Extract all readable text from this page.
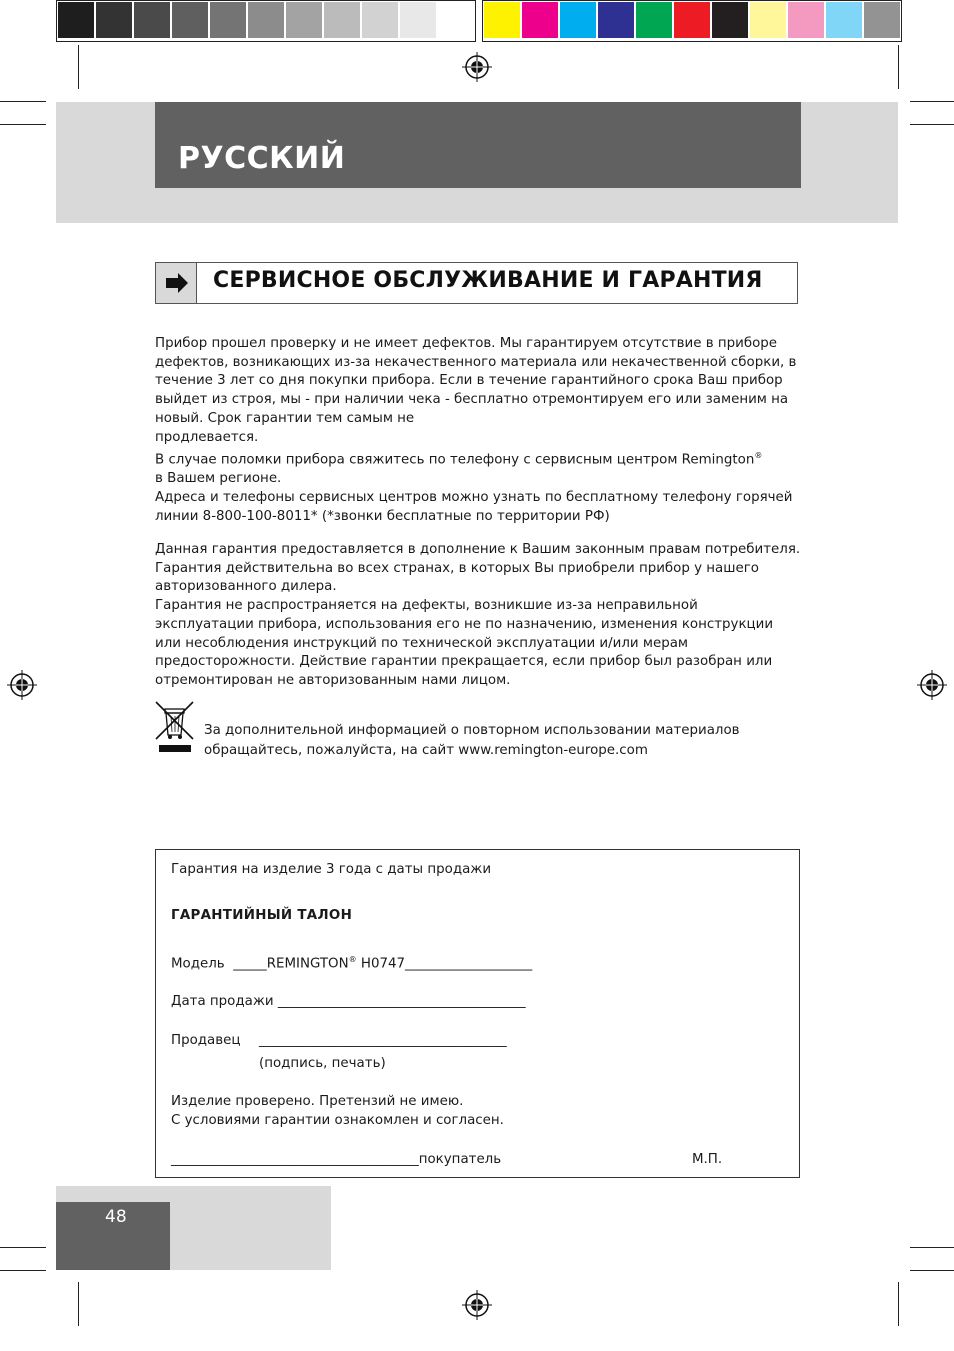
РУССКИЙ
СЕРВИСНОЕ ОБСЛУЖИВАНИЕ И ГАРАНТИЯ
Прибор прошел проверку и не имеет дефектов. Мы гарантируем отсутствие в приборе
дефектов, возникающих из-за некачественного материала или некачественной сборки, в
течение 3 лет со дня покупки прибора. Если в течение гарантийного срока Ваш прибор
выйдет из строя, мы - при наличии чека - бесплатно отремонтируем его или заменим на
новый. Срок гарантии тем самым не
продлевается.
В случае поломки прибора свяжитесь по телефону с сервисным центром Remington®
в Вашем регионе.
Адреса и телефоны сервисных центров можно узнать по бесплатному телефону горячей
линии 8-800-100-8011* (*звонки бесплатные по территории РФ)
Данная гарантия предоставляется в дополнение к Вашим законным правам потребителя.
Гарантия действительна во всех странах, в которых Вы приобрели прибор у нашего
авторизованного дилера.
Гарантия не распространяется на дефекты, возникшие из-за неправильной
эксплуатации прибора, использования его не по назначению, изменения конструкции
или несоблюдения инструкций по технической эксплуатации и/или мерам
предосторожности. Действие гарантии прекращается, если прибор был разобран или
отремонтирован не авторизованным нами лицом.
За дополнительной информацией о повторном использовании материалов
обращайтесь, пожалуйста, на сайт www.remington-europe.com
Гарантия на изделие 3 года с даты продажи
ГАРАНТИЙНЫЙ ТАЛОН
Модель _____REMINGTON® H0747___________________
Дата продажи _____________________________________
Продавец _____________________________________
(подпись, печать)
Изделие проверено. Претензий не имею.
С условиями гарантии ознакомлен и согласен.
_____________________________________покупатель	М.П.
48
